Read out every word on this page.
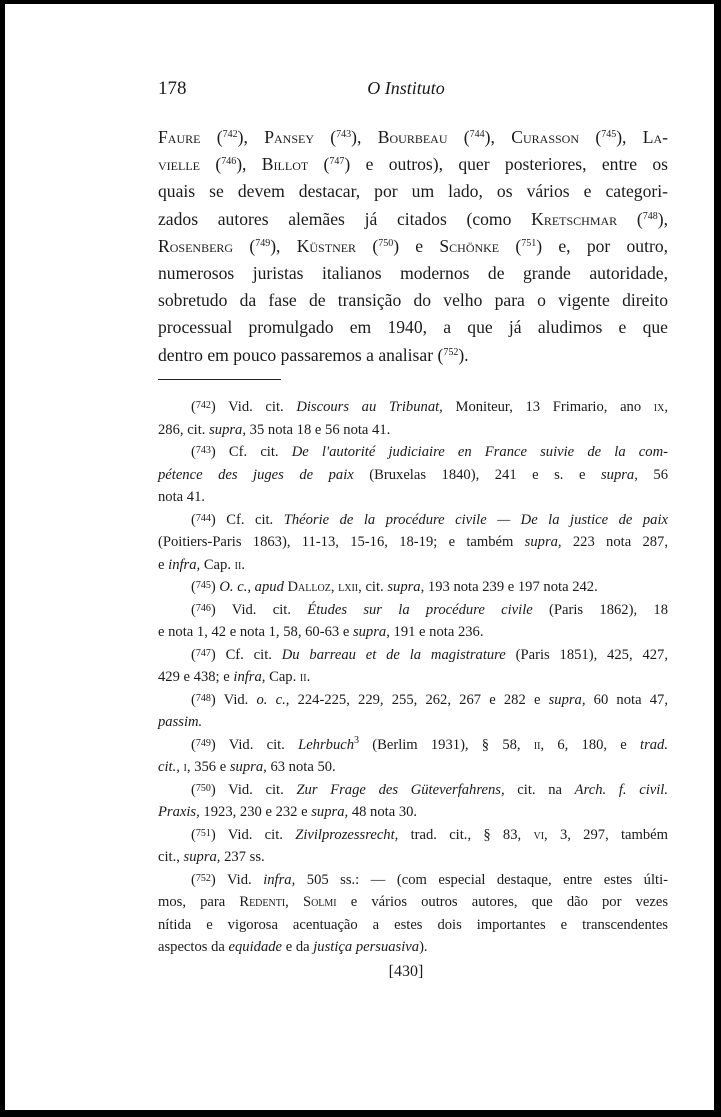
178	O Instituto
Faure ($^{742}$), Pansey ($^{743}$), Bourbeau ($^{744}$), Curasson ($^{745}$), La-
vielle ($^{746}$), Billot ($^{747}$) e outros), quer posteriores, entre os
quais se devem destacar, por um lado, os vários e categori-
zados autores alemães já citados (como Kretschmar ($^{748}$),
Rosenberg ($^{749}$), Küstner ($^{750}$) e Schönke ($^{751}$) e, por outro,
numerosos juristas italianos modernos de grande autoridade,
sobretudo da fase de transição do velho para o vigente direito
processual promulgado em 1940, a que já aludimos e que
dentro em pouco passaremos a analisar ($^{752}$).
(742) Vid. cit. Discours au Tribunat, Moniteur, 13 Frimario, ano ix,
286, cit. supra, 35 nota 18 e 56 nota 41.
(743) Cf. cit. De l'autorité judiciaire en France suivie de la com-
pétence des juges de paix (Bruxelas 1840), 241 e s. e supra, 56
nota 41.
(744) Cf. cit. Théorie de la procédure civile — De la justice de paix
(Poitiers-Paris 1863), 11-13, 15-16, 18-19; e também supra, 223 nota 287,
e infra, Cap. ii.
(745) O. c., apud Dalloz, lxii, cit. supra, 193 nota 239 e 197 nota 242.
(746) Vid. cit. Études sur la procédure civile (Paris 1862), 18
e nota 1, 42 e nota 1, 58, 60-63 e supra, 191 e nota 236.
(747) Cf. cit. Du barreau et de la magistrature (Paris 1851), 425, 427,
429 e 438; e infra, Cap. ii.
(748) Vid. o. c., 224-225, 229, 255, 262, 267 e 282 e supra, 60 nota 47,
passim.
(749) Vid. cit. Lehrbuch$^3$ (Berlim 1931), § 58, ii, 6, 180, e trad.
cit., i, 356 e supra, 63 nota 50.
(750) Vid. cit. Zur Frage des Güteverfahrens, cit. na Arch. f. civil.
Praxis, 1923, 230 e 232 e supra, 48 nota 30.
(751) Vid. cit. Zivilprozessrecht, trad. cit., § 83, vi, 3, 297, também
cit., supra, 237 ss.
(752) Vid. infra, 505 ss.: — (com especial destaque, entre estes últi-
mos, para Redenti, Solmi e vários outros autores, que dão por vezes
nítida e vigorosa acentuação a estes dois importantes e transcendentes
aspectos da equidade e da justiça persuasiva).
[430]
